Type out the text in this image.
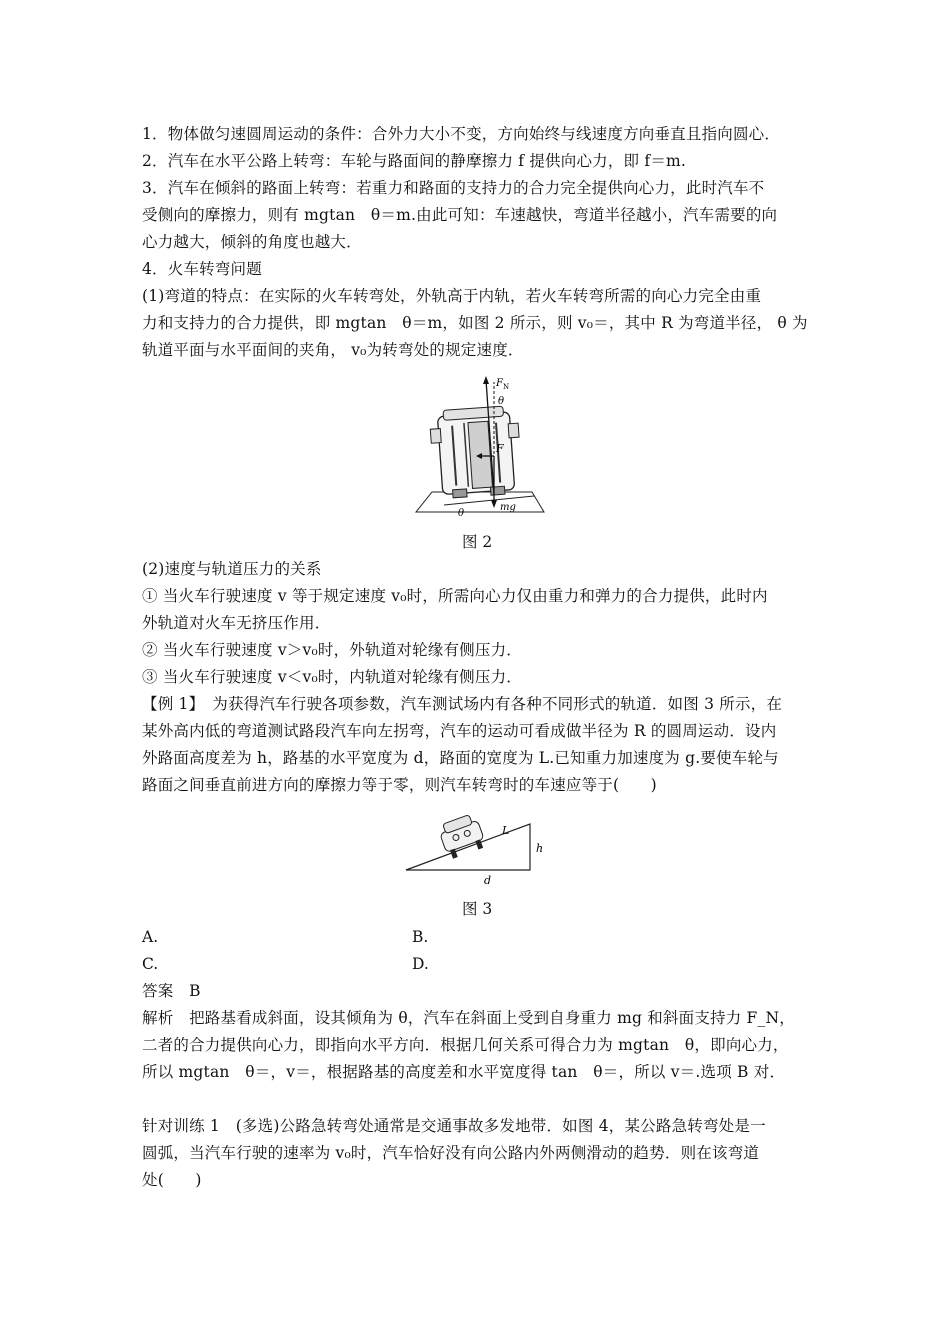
1．物体做匀速圆周运动的条件：合外力大小不变，方向始终与线速度方向垂直且指向圆心．
2．汽车在水平公路上转弯：车轮与路面间的静摩擦力 f 提供向心力，即 f＝m.
3．汽车在倾斜的路面上转弯：若重力和路面的支持力的合力完全提供向心力，此时汽车不
受侧向的摩擦力，则有 mgtan　θ＝m.由此可知：车速越快，弯道半径越小，汽车需要的向
心力越大，倾斜的角度也越大．
4．火车转弯问题
(1)弯道的特点：在实际的火车转弯处，外轨高于内轨，若火车转弯所需的向心力完全由重
力和支持力的合力提供，即 mgtan　θ＝m，如图 2 所示，则 v₀＝，其中 R 为弯道半径， θ 为
轨道平面与水平面间的夹角， v₀为转弯处的规定速度．
F N
θ
F
mg
θ
图 2
(2)速度与轨道压力的关系
① 当火车行驶速度 v 等于规定速度 v₀时，所需向心力仅由重力和弹力的合力提供，此时内
外轨道对火车无挤压作用．
② 当火车行驶速度 v＞v₀时，外轨道对轮缘有侧压力．
③ 当火车行驶速度 v＜v₀时，内轨道对轮缘有侧压力．
【例 1】　为获得汽车行驶各项参数，汽车测试场内有各种不同形式的轨道．如图 3 所示，在
某外高内低的弯道测试路段汽车向左拐弯，汽车的运动可看成做半径为 R 的圆周运动．设内
外路面高度差为 h，路基的水平宽度为 d，路面的宽度为 L.已知重力加速度为 g.要使车轮与
路面之间垂直前进方向的摩擦力等于零，则汽车转弯时的车速应等于(　　)
L
h
d
图 3
A.	B.
C.	D.
答案　B
解析　把路基看成斜面，设其倾角为 θ，汽车在斜面上受到自身重力 mg 和斜面支持力 F_N，
二者的合力提供向心力，即指向水平方向．根据几何关系可得合力为 mgtan　θ，即向心力，
所以 mgtan　θ＝，v＝，根据路基的高度差和水平宽度得 tan　θ＝，所以 v＝.选项 B 对．
针对训练 1　(多选)公路急转弯处通常是交通事故多发地带．如图 4，某公路急转弯处是一
圆弧，当汽车行驶的速率为 v₀时，汽车恰好没有向公路内外两侧滑动的趋势．则在该弯道
处(　　)
